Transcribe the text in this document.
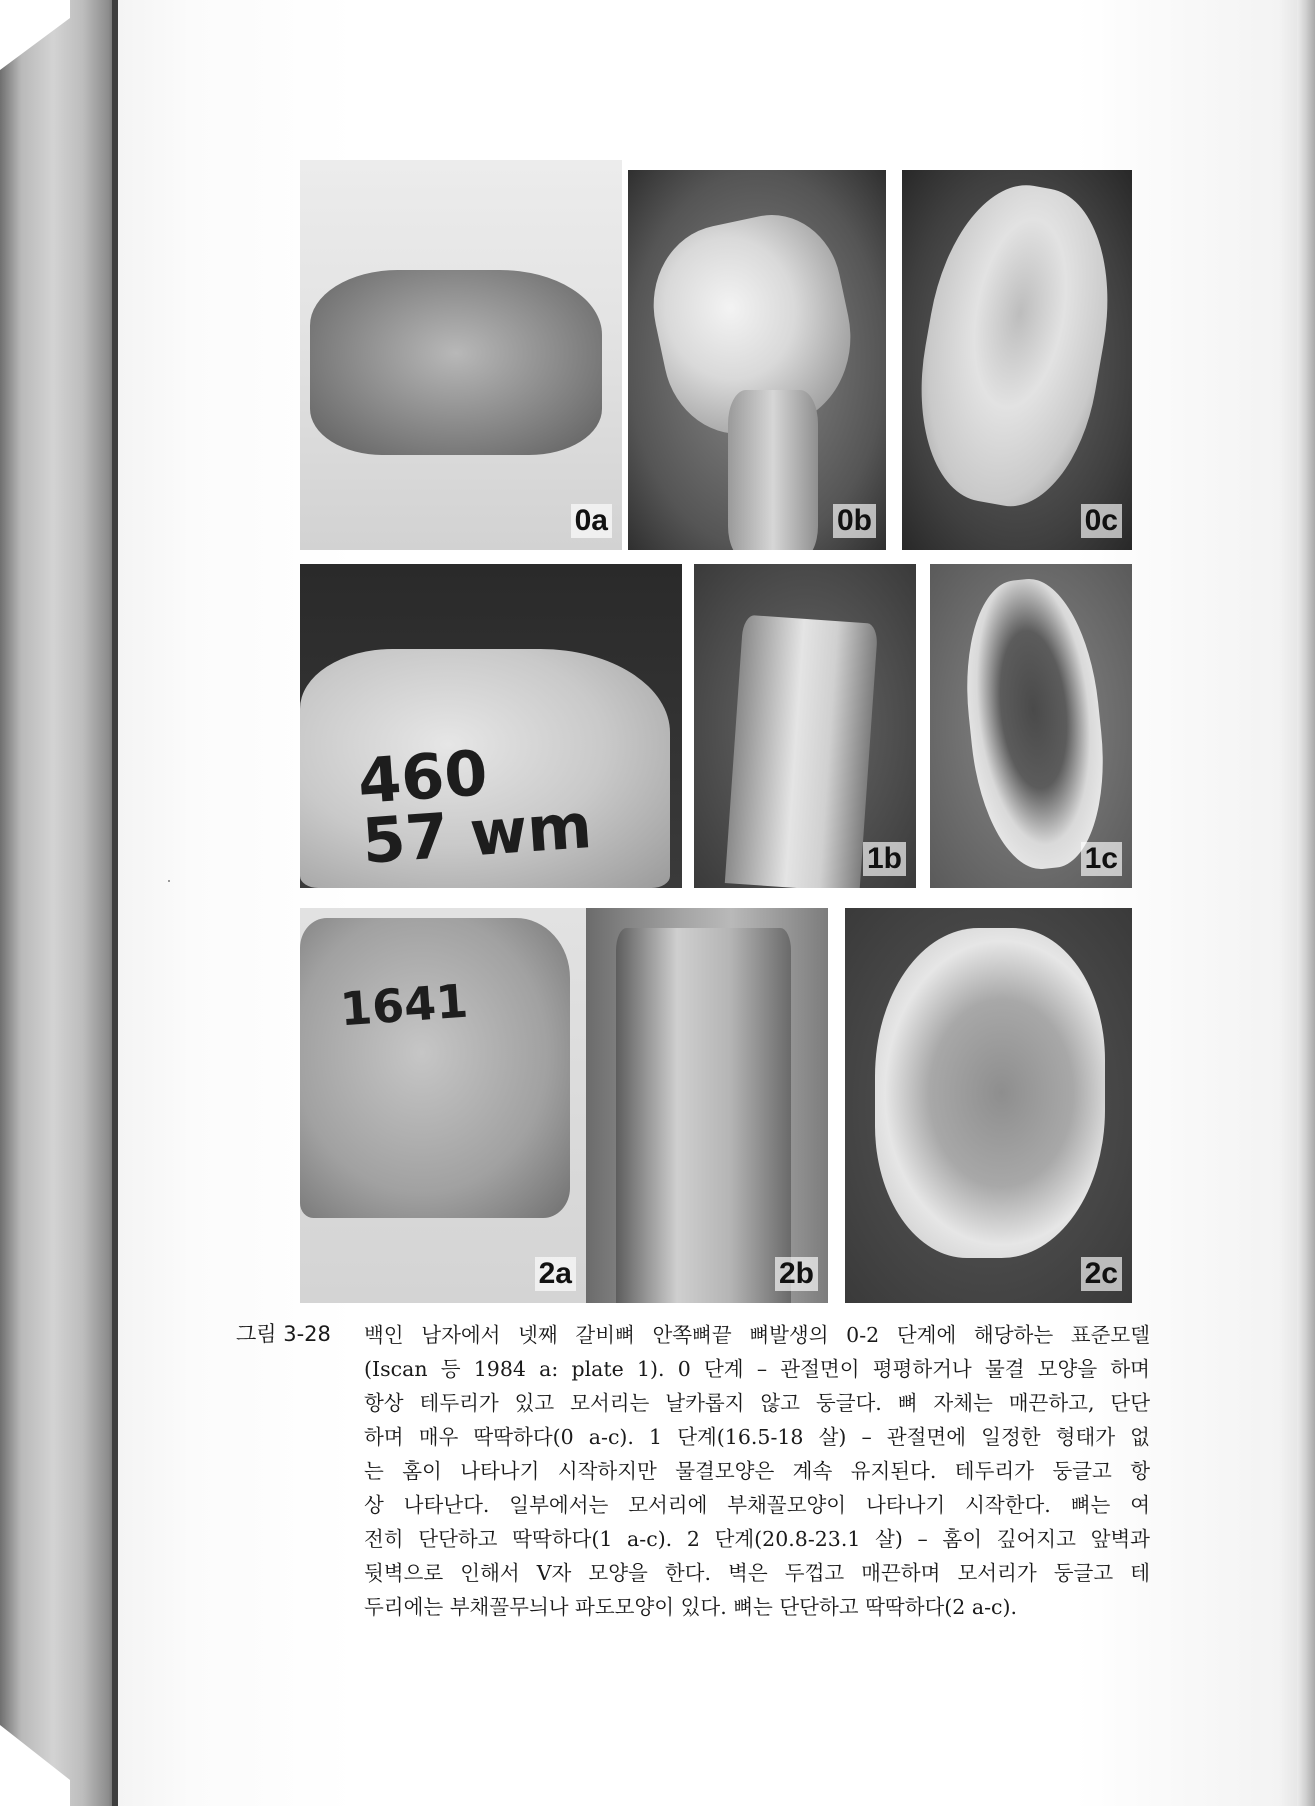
0a	0b	0c
460
57 wm	1b	1c
1641
2a	2b	2c
그림 3-28	백인 남자에서 넷째 갈비뼈 안쪽뼈끝 뼈발생의 0-2 단계에 해당하는 표준모델
(Iscan 등 1984 a: plate 1). 0 단계 – 관절면이 평평하거나 물결 모양을 하며
항상 테두리가 있고 모서리는 날카롭지 않고 둥글다. 뼈 자체는 매끈하고, 단단
하며 매우 딱딱하다(0 a-c). 1 단계(16.5-18 살) – 관절면에 일정한 형태가 없
는 홈이 나타나기 시작하지만 물결모양은 계속 유지된다. 테두리가 둥글고 항
상 나타난다. 일부에서는 모서리에 부채꼴모양이 나타나기 시작한다. 뼈는 여
전히 단단하고 딱딱하다(1 a-c). 2 단계(20.8-23.1 살) – 홈이 깊어지고 앞벽과
뒷벽으로 인해서 V자 모양을 한다. 벽은 두껍고 매끈하며 모서리가 둥글고 테
두리에는 부채꼴무늬나 파도모양이 있다. 뼈는 단단하고 딱딱하다(2 a-c).
